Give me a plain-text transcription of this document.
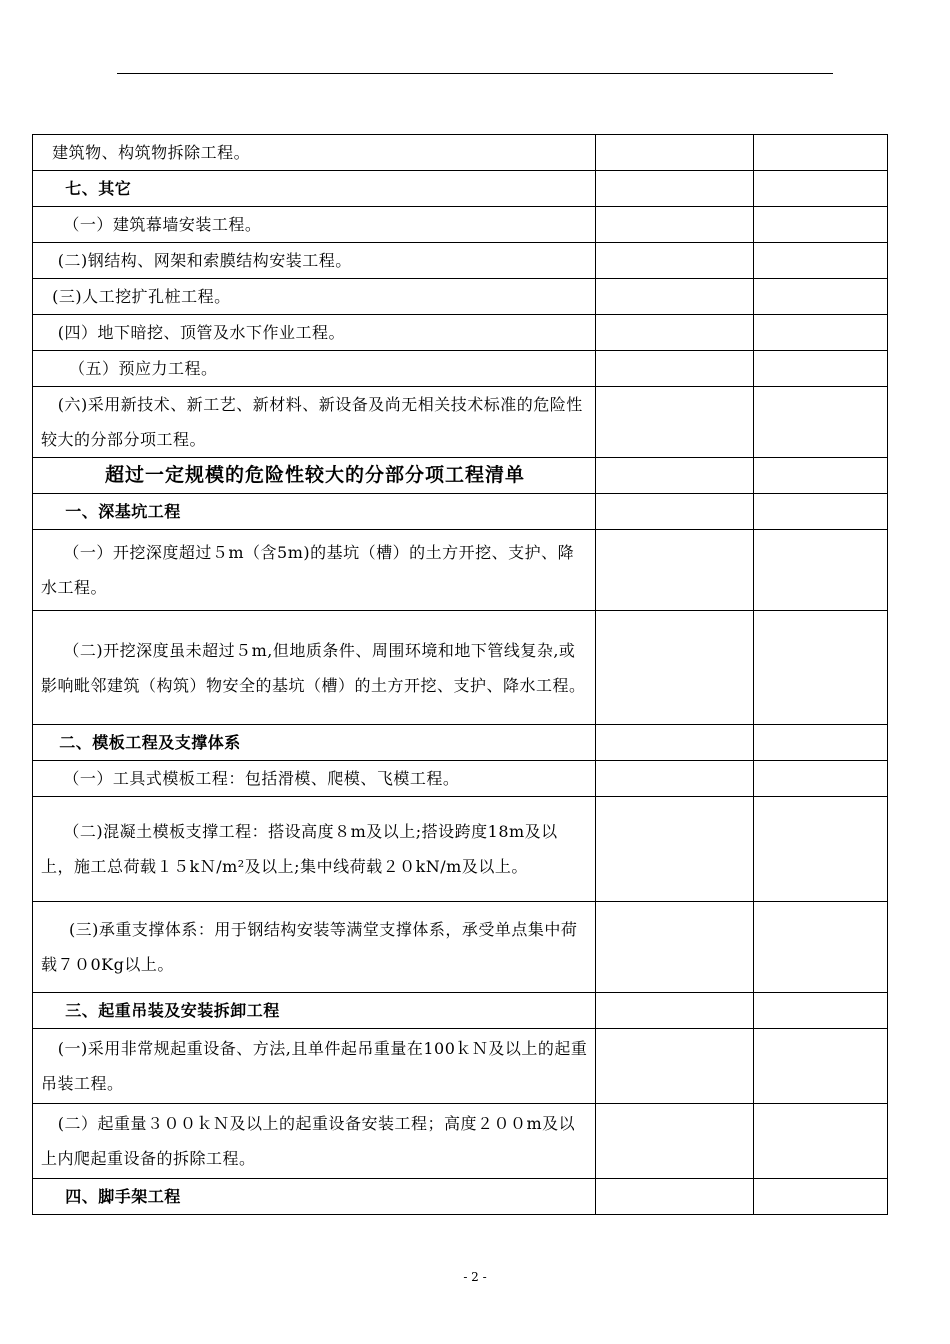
建筑物、构筑物拆除工程。		

七、其它		

（一）建筑幕墙安装工程。		

(二)钢结构、网架和索膜结构安装工程。		

(三)人工挖扩孔桩工程。		

(四）地下暗挖、顶管及水下作业工程。		

（五）预应力工程。		

(六)采用新技术、新工艺、新材料、新设备及尚无相关技术标准的危险性较大的分部分项工程。		

超过一定规模的危险性较大的分部分项工程清单		

一、深基坑工程		

（一）开挖深度超过５m（含5m)的基坑（槽）的土方开挖、支护、降水工程。		

（二)开挖深度虽未超过５m,但地质条件、周围环境和地下管线复杂,或影响毗邻建筑（构筑）物安全的基坑（槽）的土方开挖、支护、降水工程。		

二、模板工程及支撑体系		

（一）工具式模板工程：包括滑模、爬模、飞模工程。		

（二)混凝土模板支撑工程：搭设高度８m及以上;搭设跨度18m及以上，施工总荷载１５kＮ/m²及以上;集中线荷载２０kN/m及以上。		

(三)承重支撑体系：用于钢结构安装等满堂支撑体系，承受单点集中荷载７０0Kg以上。		

三、起重吊装及安装拆卸工程		

(一)采用非常规起重设备、方法,且单件起吊重量在100ｋＮ及以上的起重吊装工程。		

(二）起重量３００ｋＮ及以上的起重设备安装工程；高度２００m及以上内爬起重设备的拆除工程。		

四、脚手架工程		

- 2 -
